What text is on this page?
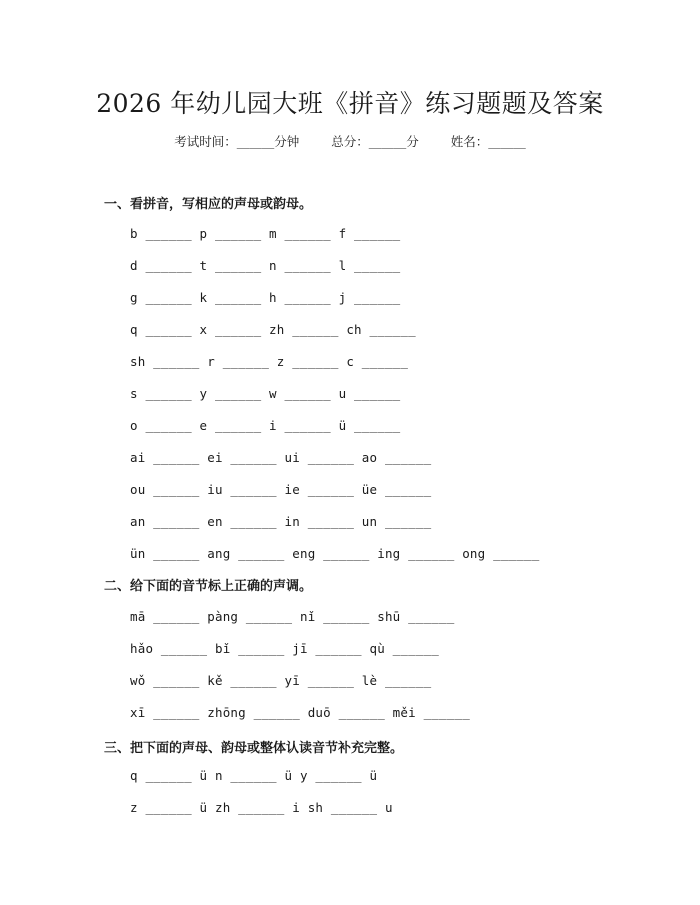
2026 年幼儿园大班《拼音》练习题题及答案
考试时间：______分钟	总分：______分	姓名：______
一、看拼音，写相应的声母或韵母。
b ______ p ______ m ______ f ______
d ______ t ______ n ______ l ______
g ______ k ______ h ______ j ______
q ______ x ______ zh ______ ch ______
sh ______ r ______ z ______ c ______
s ______ y ______ w ______ u ______
o ______ e ______ i ______ ü ______
ai ______ ei ______ ui ______ ao ______
ou ______ iu ______ ie ______ üe ______
an ______ en ______ in ______ un ______
ün ______ ang ______ eng ______ ing ______ ong ______
二、给下面的音节标上正确的声调。
mā ______ pàng ______ nǐ ______ shū ______
hǎo ______ bǐ ______ jī ______ qù ______
wǒ ______ kě ______ yī ______ lè ______
xī ______ zhōng ______ duō ______ měi ______
三、把下面的声母、韵母或整体认读音节补充完整。
q ______ ü n ______ ü y ______ ü
z ______ ü zh ______ i sh ______ u
